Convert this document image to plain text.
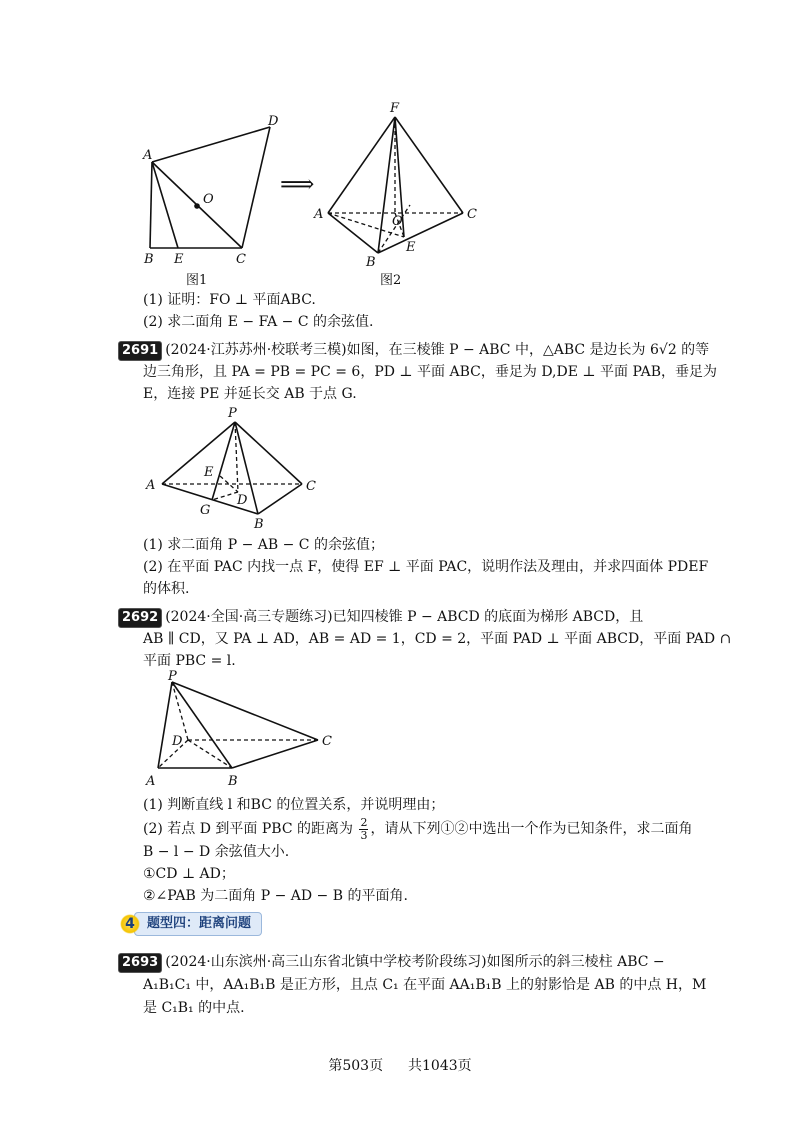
A
D
O
B E	C
⟹
F
A	C
O
E
B
图1	图2
(1) 证明：FO ⊥ 平面ABC.
(2) 求二面角 E − FA − C 的余弦值.
2691 (2024·江苏苏州·校联考三模)如图，在三棱锥 P − ABC 中，△ABC 是边长为 6√2 的等
边三角形，且 PA = PB = PC = 6，PD ⊥ 平面 ABC，垂足为 D,DE ⊥ 平面 PAB，垂足为
E，连接 PE 并延长交 AB 于点 G.
P
A	C
E
D
G
B
(1) 求二面角 P − AB − C 的余弦值；
(2) 在平面 PAC 内找一点 F，使得 EF ⊥ 平面 PAC，说明作法及理由，并求四面体 PDEF
的体积.
2692 (2024·全国·高三专题练习)已知四棱锥 P − ABCD 的底面为梯形 ABCD，且
AB ∥ CD，又 PA ⊥ AD，AB = AD = 1，CD = 2，平面 PAD ⊥ 平面 ABCD，平面 PAD ∩
平面 PBC = l.
P
D	C
A	B
(1) 判断直线 l 和BC 的位置关系，并说明理由；
(2) 若点 D 到平面 PBC 的距离为 $\frac{2}{3}$ ，请从下列①②中选出一个作为已知条件，求二面角
B − l − D 余弦值大小.
①CD ⊥ AD；
②∠PAB 为二面角 P − AD − B 的平面角.
题型四：距离问题
4
2693 (2024·山东滨州·高三山东省北镇中学校考阶段练习)如图所示的斜三棱柱 ABC −
A₁B₁C₁ 中，AA₁B₁B 是正方形，且点 C₁ 在平面 AA₁B₁B 上的射影恰是 AB 的中点 H，M
是 C₁B₁ 的中点.
第503页 共1043页
